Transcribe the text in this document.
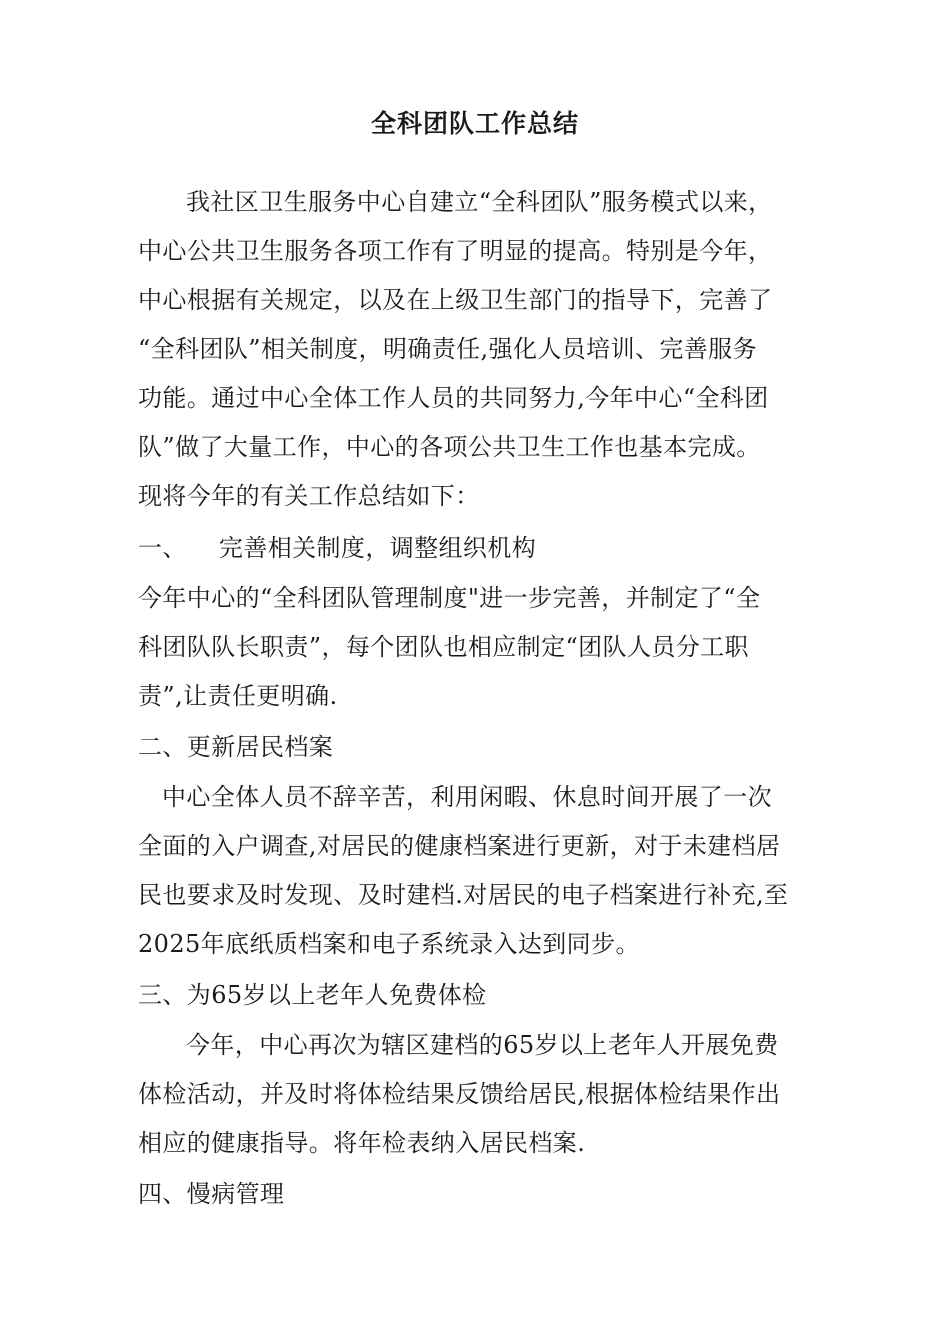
全科团队工作总结
我社区卫生服务中心自建立“全科团队”服务模式以来，
中心公共卫生服务各项工作有了明显的提高。特别是今年，
中心根据有关规定，以及在上级卫生部门的指导下，完善了
“全科团队”相关制度，明确责任,强化人员培训、完善服务
功能。通过中心全体工作人员的共同努力,今年中心“全科团
队”做了大量工作，中心的各项公共卫生工作也基本完成。
现将今年的有关工作总结如下：
一、    完善相关制度，调整组织机构
今年中心的“全科团队管理制度"进一步完善，并制定了“全
科团队队长职责”，每个团队也相应制定“团队人员分工职
责”,让责任更明确.
二、更新居民档案
中心全体人员不辞辛苦，利用闲暇、休息时间开展了一次
全面的入户调查,对居民的健康档案进行更新，对于未建档居
民也要求及时发现、及时建档.对居民的电子档案进行补充,至
2025年底纸质档案和电子系统录入达到同步。
三、为65岁以上老年人免费体检
今年，中心再次为辖区建档的65岁以上老年人开展免费
体检活动，并及时将体检结果反馈给居民,根据体检结果作出
相应的健康指导。将年检表纳入居民档案.
四、慢病管理
